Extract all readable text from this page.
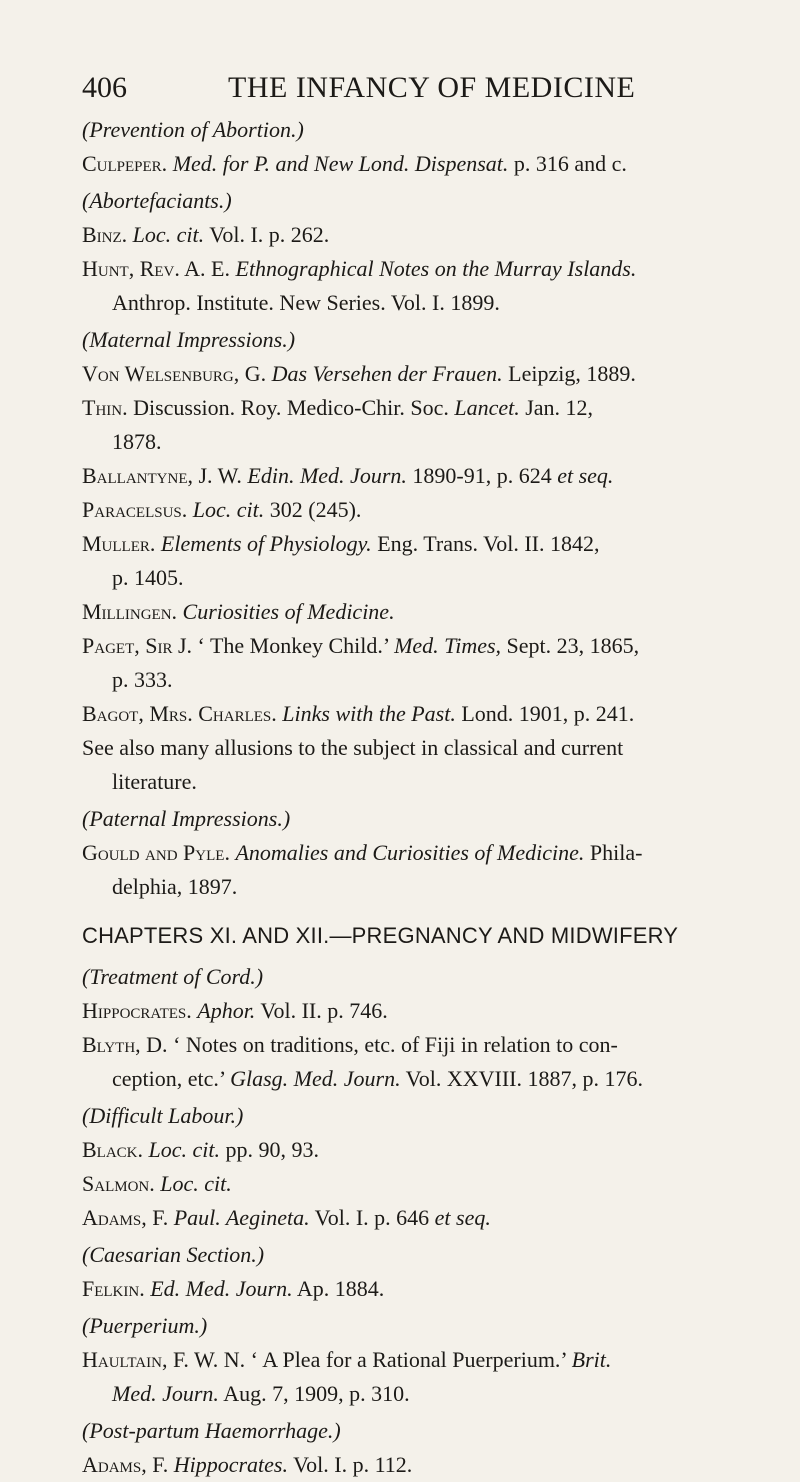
406	THE INFANCY OF MEDICINE
(Prevention of Abortion.)
Culpeper. Med. for P. and New Lond. Dispensat. p. 316 and c.
(Abortefaciants.)
Binz. Loc. cit. Vol. I. p. 262.
Hunt, Rev. A. E. Ethnographical Notes on the Murray Islands.
Anthrop. Institute. New Series. Vol. I. 1899.
(Maternal Impressions.)
Von Welsenburg, G. Das Versehen der Frauen. Leipzig, 1889.
Thin. Discussion. Roy. Medico-Chir. Soc. Lancet. Jan. 12,
1878.
Ballantyne, J. W. Edin. Med. Journ. 1890-91, p. 624 et seq.
Paracelsus. Loc. cit. 302 (245).
Muller. Elements of Physiology. Eng. Trans. Vol. II. 1842,
p. 1405.
Millingen. Curiosities of Medicine.
Paget, Sir J. ‘ The Monkey Child.’ Med. Times, Sept. 23, 1865,
p. 333.
Bagot, Mrs. Charles. Links with the Past. Lond. 1901, p. 241.
See also many allusions to the subject in classical and current
literature.
(Paternal Impressions.)
Gould and Pyle. Anomalies and Curiosities of Medicine. Phila-
delphia, 1897.
CHAPTERS XI. AND XII.—PREGNANCY AND MIDWIFERY
(Treatment of Cord.)
Hippocrates. Aphor. Vol. II. p. 746.
Blyth, D. ‘ Notes on traditions, etc. of Fiji in relation to con-
ception, etc.’ Glasg. Med. Journ. Vol. XXVIII. 1887, p. 176.
(Difficult Labour.)
Black. Loc. cit. pp. 90, 93.
Salmon. Loc. cit.
Adams, F. Paul. Aegineta. Vol. I. p. 646 et seq.
(Caesarian Section.)
Felkin. Ed. Med. Journ. Ap. 1884.
(Puerperium.)
Haultain, F. W. N. ‘ A Plea for a Rational Puerperium.’ Brit.
Med. Journ. Aug. 7, 1909, p. 310.
(Post-partum Haemorrhage.)
Adams, F. Hippocrates. Vol. I. p. 112.
